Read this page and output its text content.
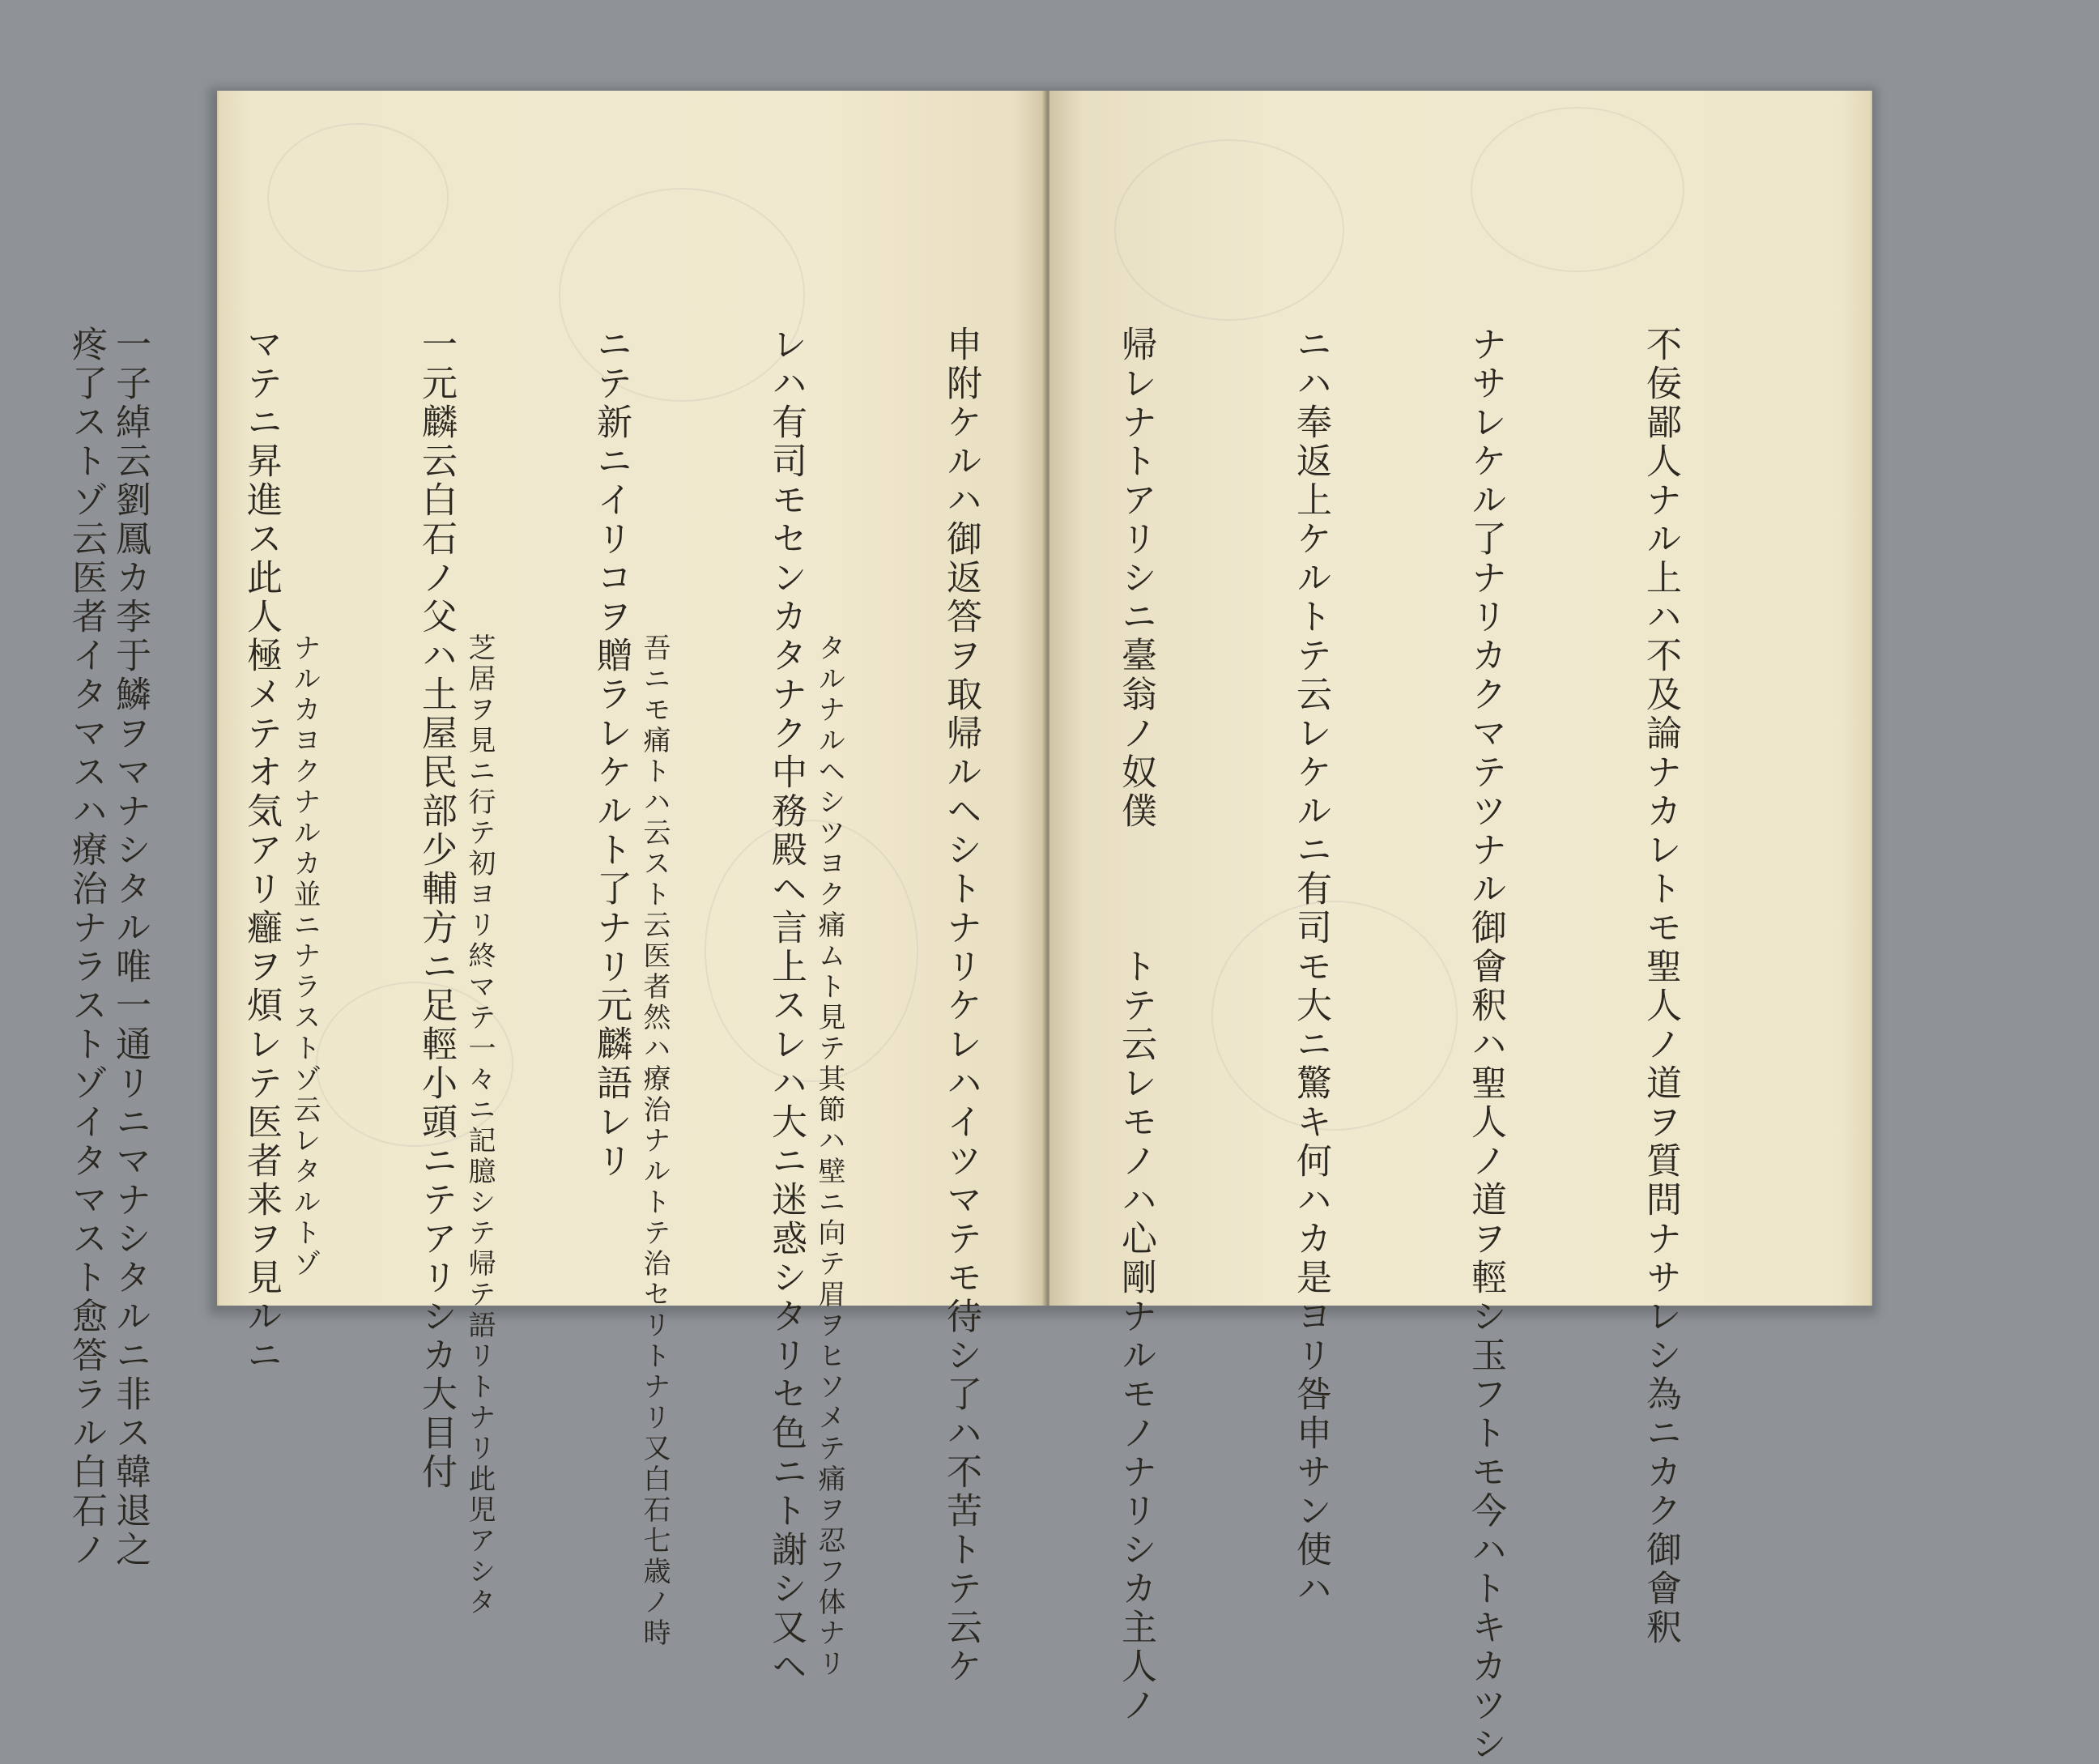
タルナルヘシツヨク痛ムト見テ其節ハ壁ニ向テ眉ヲヒソメテ痛ヲ忍フ体ナリ

吾ニモ痛トハ云スト云医者然ハ療治ナルトテ治セリトナリ又白石七歳ノ時

芝居ヲ見ニ行テ初ヨリ終マテ一々ニ記臆シテ帰テ語リトナリ此児アシタ

ナルカヨクナルカ並ニナラストゾ云レタルトゾ

一子綽云劉鳳カ李于鱗ヲマナシタル唯一通リニマナシタルニ非ス韓退之

	不佞鄙人ナル上ハ不及論ナカレトモ聖人ノ道ヲ質問ナサレシ為ニカク御會釈

ナサレケル了ナリカクマテツナル御會釈ハ聖人ノ道ヲ輕シ玉フトモ今ハトキカツシ

ニハ奉返上ケルトテ云レケルニ有司モ大ニ驚キ何ハカ是ヨリ咎申サン使ハ

帰レナトアリシニ臺翁ノ奴僕　　　トテ云レモノハ心剛ナルモノナリシカ主人ノ

申附ケルハ御返答ヲ取帰ルヘシトナリケレハイツマテモ待シ了ハ不苦トテ云ケ

レハ有司モセンカタナク中務殿ヘ言上スレハ大ニ迷惑シタリセ色ニト謝シ又ヘ

ニテ新ニイリコヲ贈ラレケルト了ナリ元麟語レリ

一元麟云白石ノ父ハ土屋民部少輔方ニ足輕小頭ニテアリシカ大目付

マテニ昇進ス此人極メテオ気アリ癰ヲ煩レテ医者来ヲ見ルニ

疼了ストゾ云医者イタマスハ療治ナラストゾイタマスト愈答ラル白石ノ
